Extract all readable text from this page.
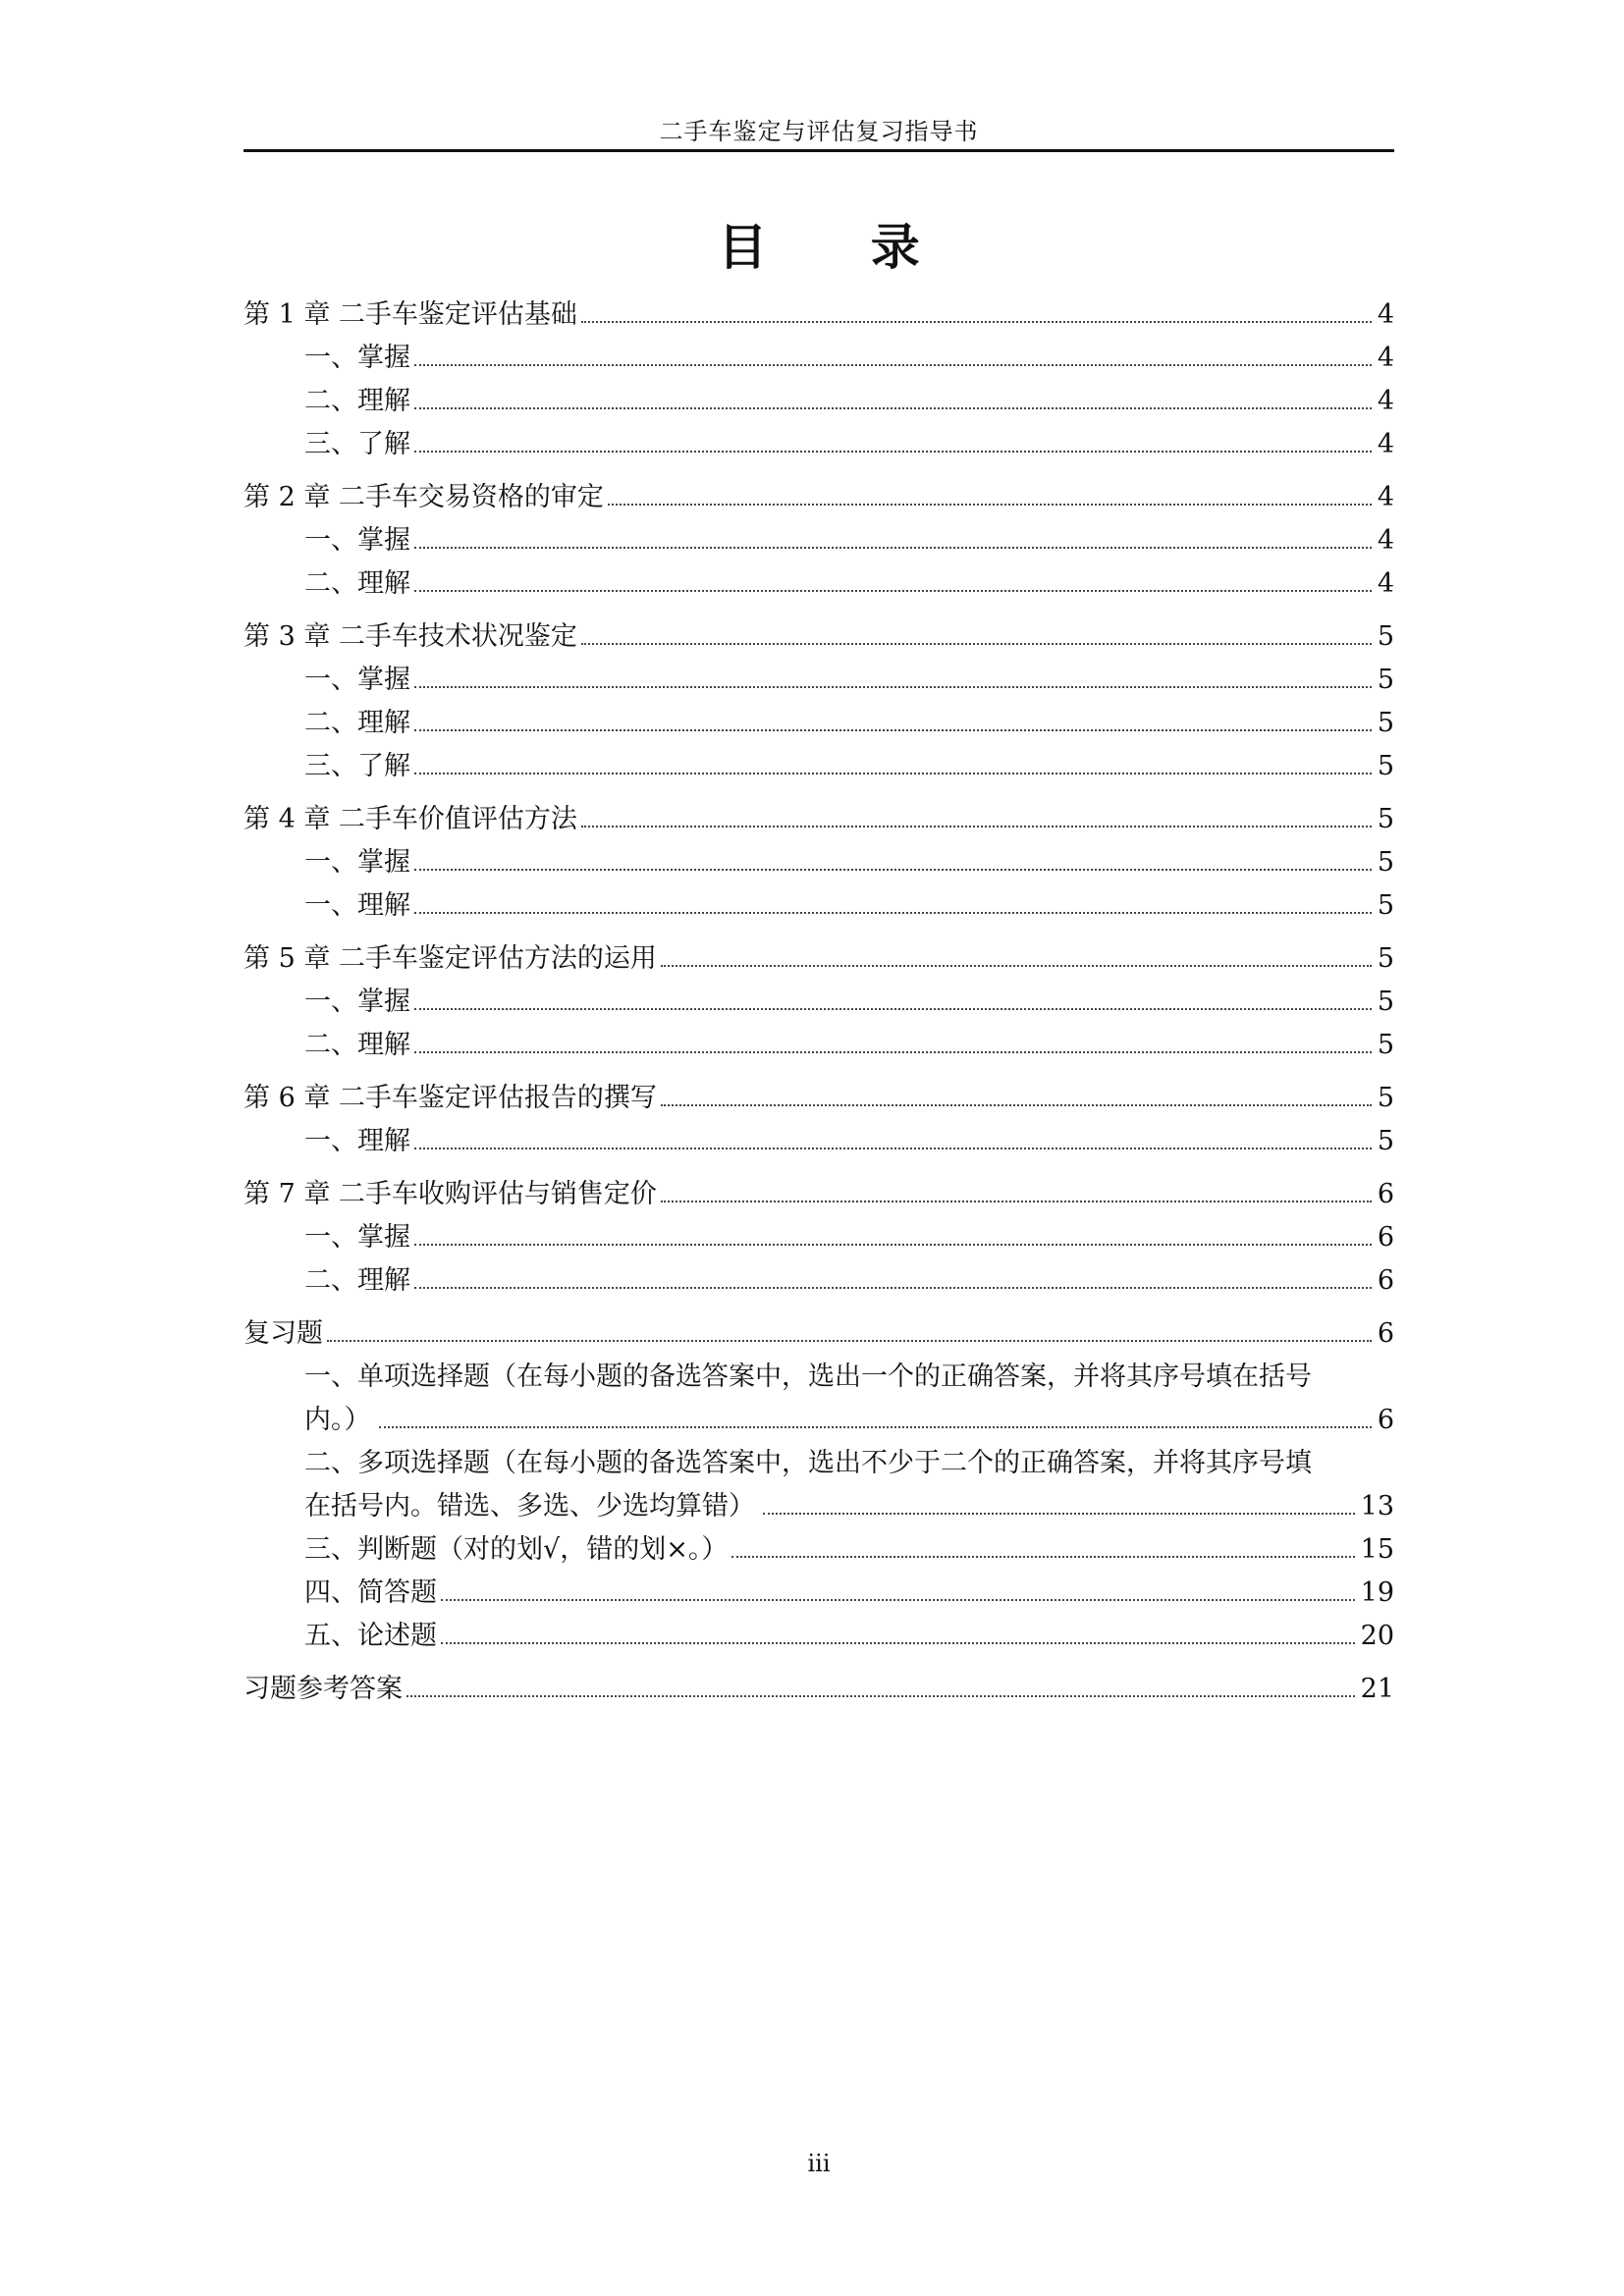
二手车鉴定与评估复习指导书
目 录
第 1 章 二手车鉴定评估基础	4
一、掌握	4
二、理解	4
三、了解	4
第 2 章 二手车交易资格的审定	4
一、掌握	4
二、理解	4
第 3 章 二手车技术状况鉴定	5
一、掌握	5
二、理解	5
三、了解	5
第 4 章 二手车价值评估方法	5
一、掌握	5
一、理解	5
第 5 章 二手车鉴定评估方法的运用	5
一、掌握	5
二、理解	5
第 6 章 二手车鉴定评估报告的撰写	5
一、理解	5
第 7 章 二手车收购评估与销售定价	6
一、掌握	6
二、理解	6
复习题	6
一、单项选择题（在每小题的备选答案中，选出一个的正确答案，并将其序号填在括号
内。）	6
二、多项选择题（在每小题的备选答案中，选出不少于二个的正确答案，并将其序号填
在括号内。错选、多选、少选均算错）	13
三、判断题（对的划√，错的划×。）	15
四、简答题	19
五、论述题	20
习题参考答案	21
iii
